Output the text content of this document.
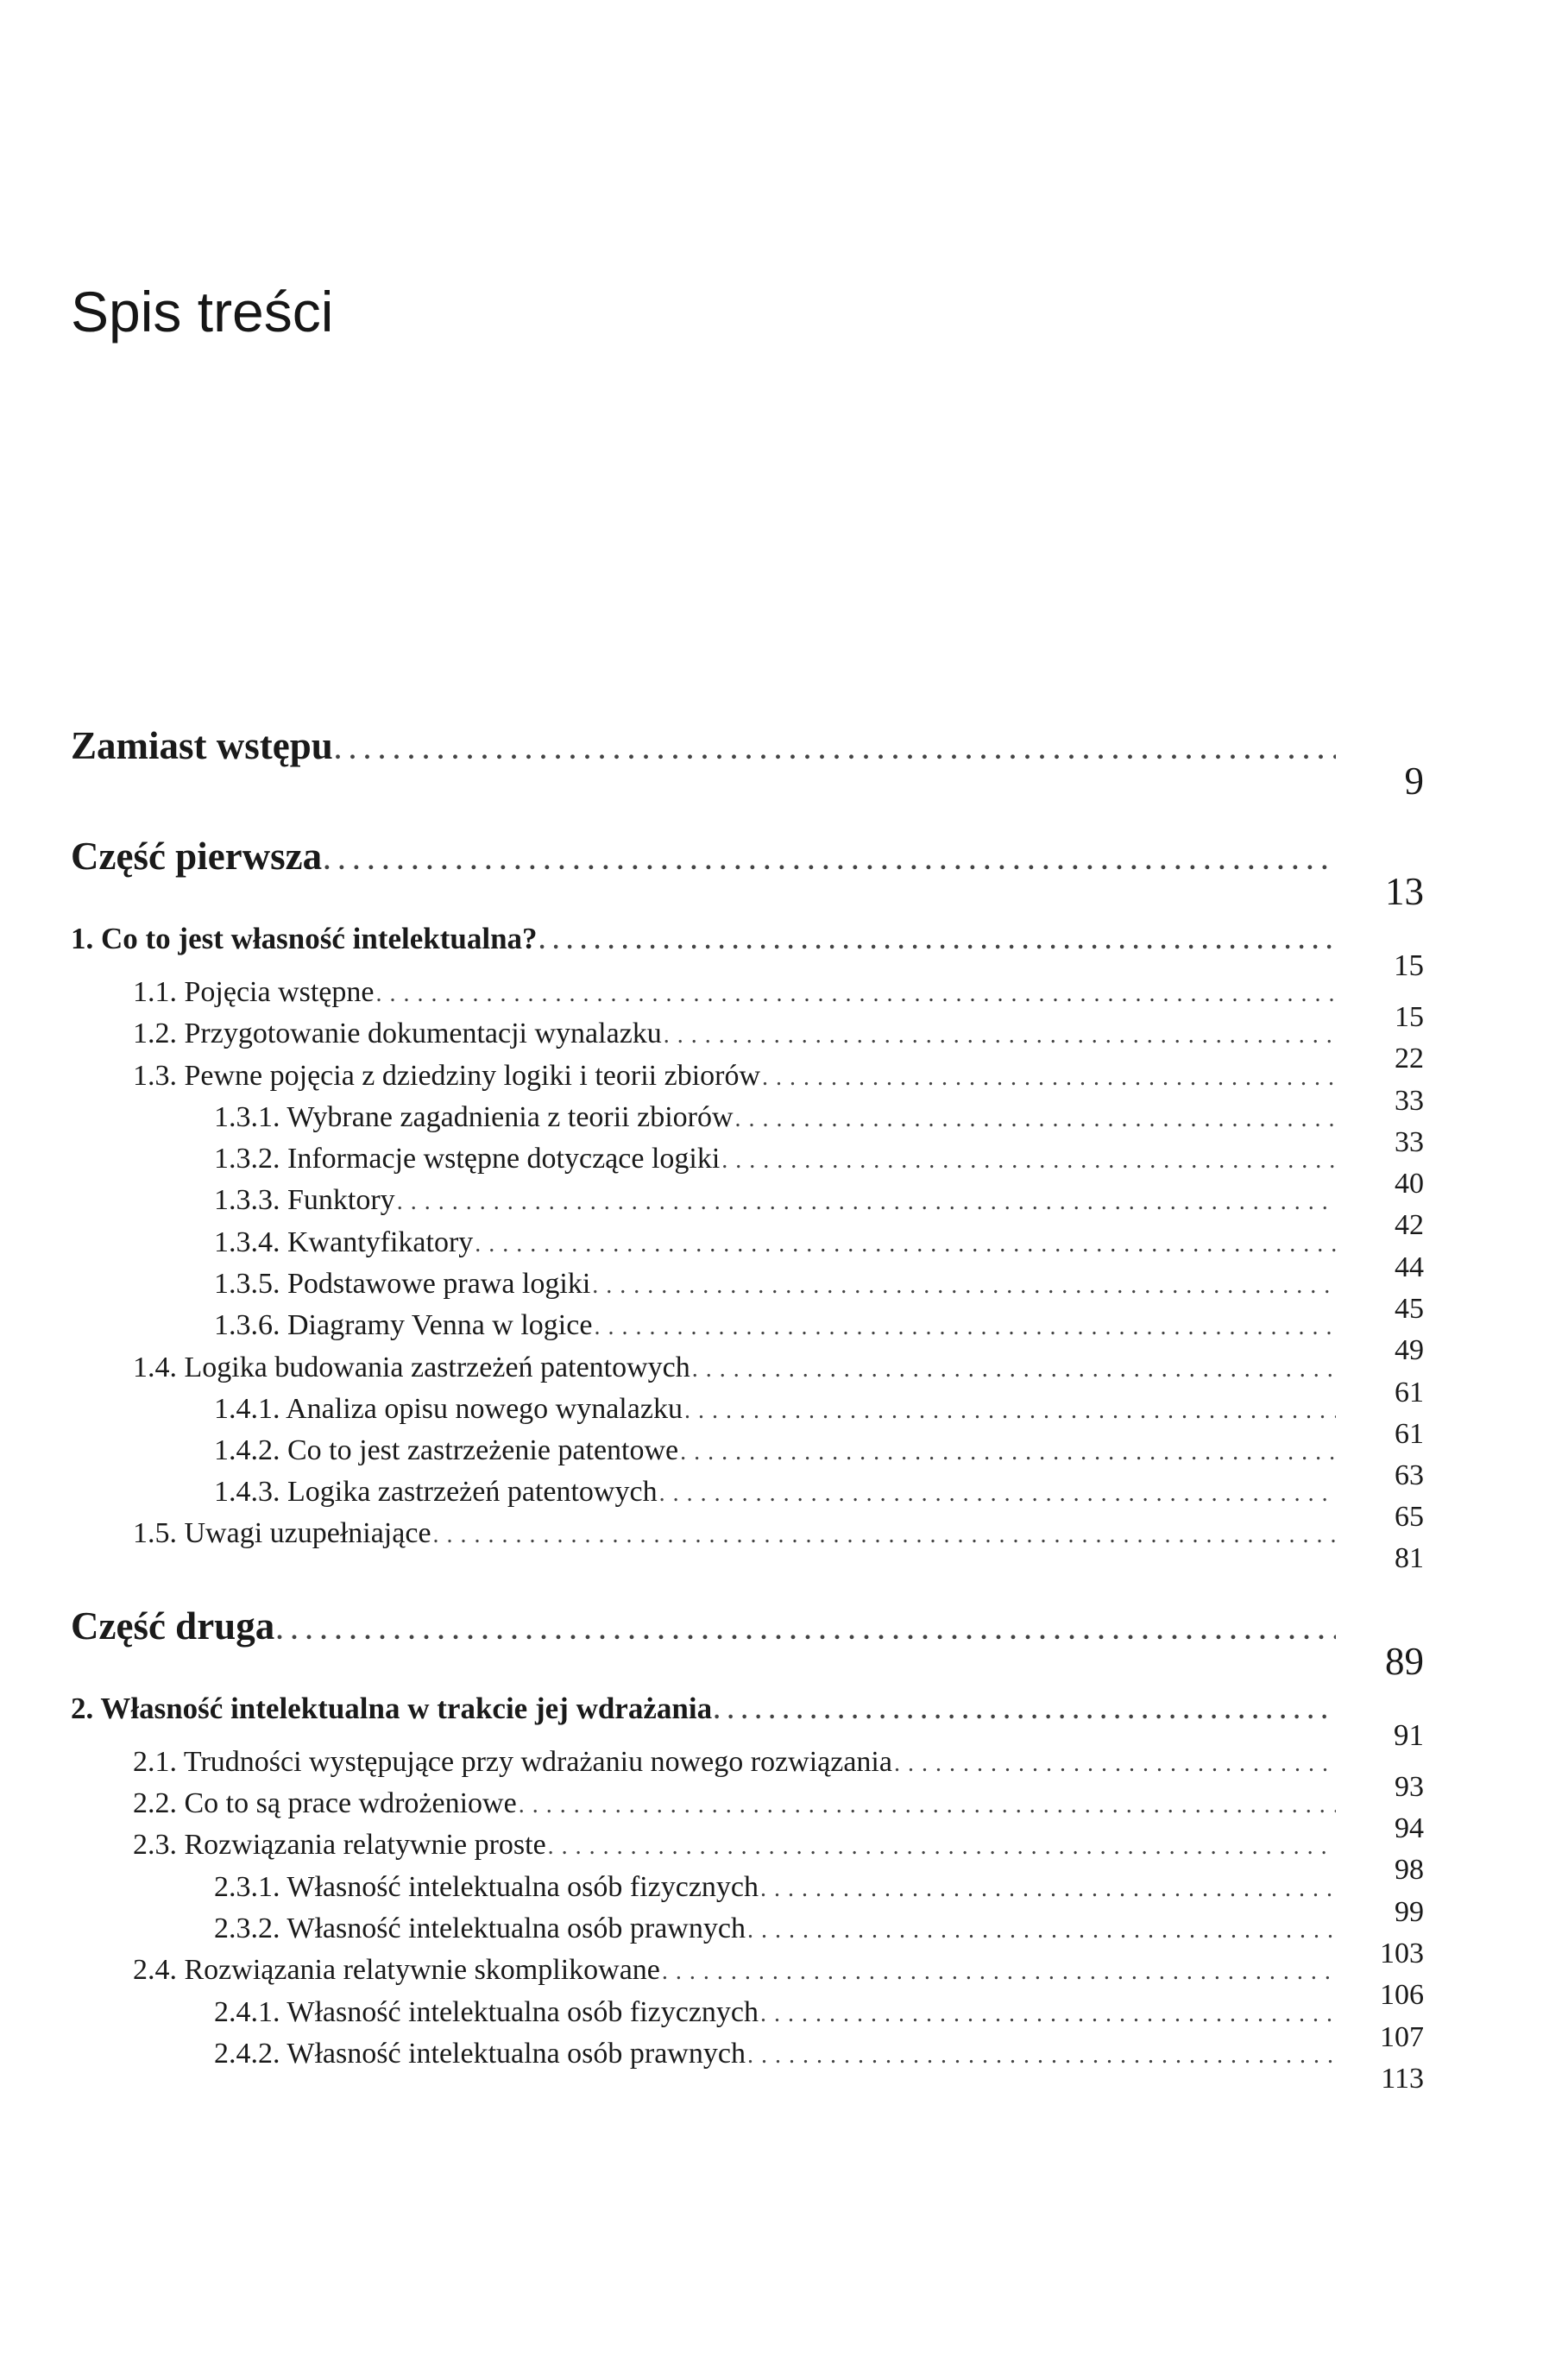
Spis treści
Zamiast wstępu
. . .
9
Część pierwsza
. . .
13
1. Co to jest własność intelektualna?
. . .
15
1.1. Pojęcia wstępne
. . .
15
1.2. Przygotowanie dokumentacji wynalazku
. . .
22
1.3. Pewne pojęcia z dziedziny logiki i teorii zbiorów
. . .
33
1.3.1. Wybrane zagadnienia z teorii zbiorów
. . .
33
1.3.2. Informacje wstępne dotyczące logiki
. . .
40
1.3.3. Funktory
. . .
42
1.3.4. Kwantyfikatory
. . .
44
1.3.5. Podstawowe prawa logiki
. . .
45
1.3.6. Diagramy Venna w logice
. . .
49
1.4. Logika budowania zastrzeżeń patentowych
. . .
61
1.4.1. Analiza opisu nowego wynalazku
. . .
61
1.4.2. Co to jest zastrzeżenie patentowe
. . .
63
1.4.3. Logika zastrzeżeń patentowych
. . .
65
1.5. Uwagi uzupełniające
. . .
81
Część druga
. . .
89
2. Własność intelektualna w trakcie jej wdrażania
. . .
91
2.1. Trudności występujące przy wdrażaniu nowego rozwiązania
. . .
93
2.2. Co to są prace wdrożeniowe
. . .
94
2.3. Rozwiązania relatywnie proste
. . .
98
2.3.1. Własność intelektualna osób fizycznych
. . .
99
2.3.2. Własność intelektualna osób prawnych
. . .
103
2.4. Rozwiązania relatywnie skomplikowane
. . .
106
2.4.1. Własność intelektualna osób fizycznych
. . .
107
2.4.2. Własność intelektualna osób prawnych
. . .
113
